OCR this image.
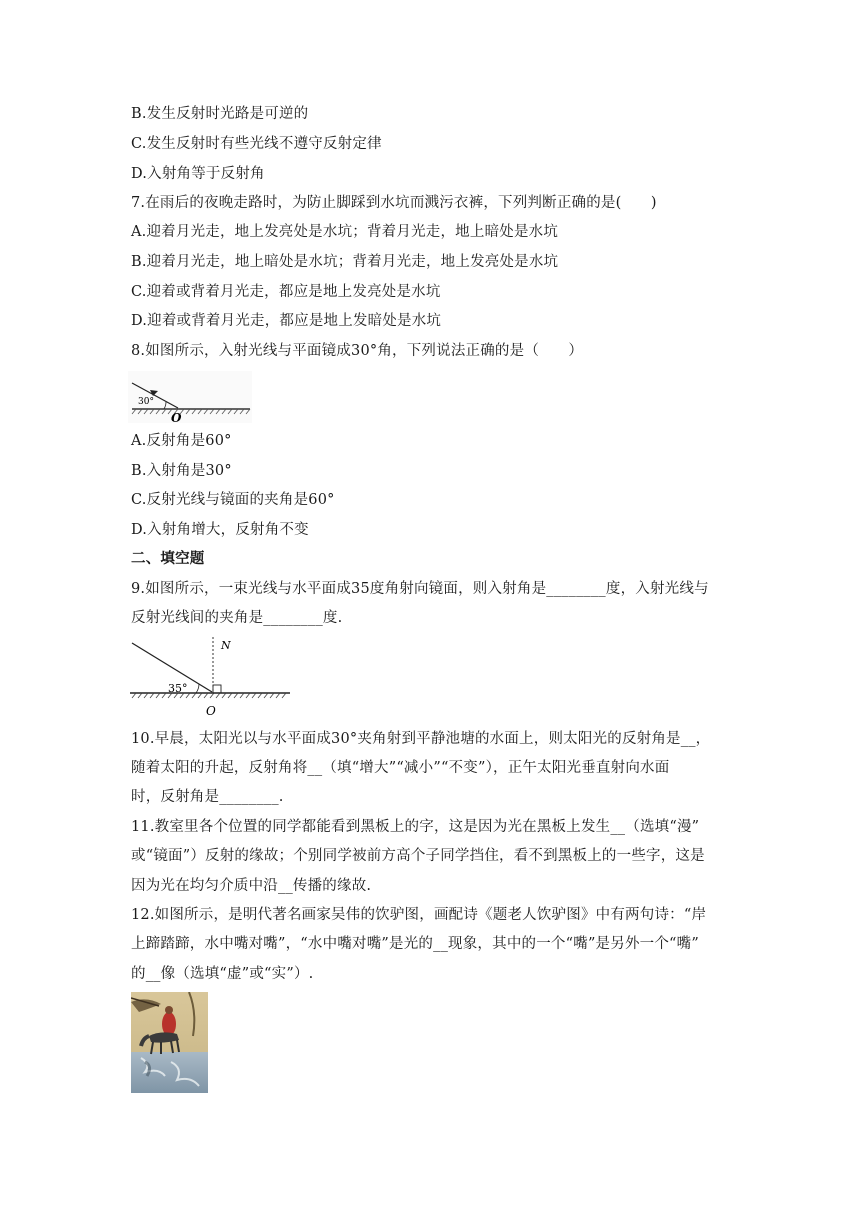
B.发生反射时光路是可逆的
C.发生反射时有些光线不遵守反射定律
D.入射角等于反射角
7.在雨后的夜晚走路时，为防止脚踩到水坑而溅污衣裤，下列判断正确的是(　　)
A.迎着月光走，地上发亮处是水坑；背着月光走，地上暗处是水坑
B.迎着月光走，地上暗处是水坑；背着月光走，地上发亮处是水坑
C.迎着或背着月光走，都应是地上发亮处是水坑
D.迎着或背着月光走，都应是地上发暗处是水坑
8.如图所示，入射光线与平面镜成30°角，下列说法正确的是（　　）
30°
O
A.反射角是60°
B.入射角是30°
C.反射光线与镜面的夹角是60°
D.入射角增大，反射角不变
二、填空题
9.如图所示，一束光线与水平面成35度角射向镜面，则入射角是________度，入射光线与
反射光线间的夹角是________度.
35°
N
O
10.早晨，太阳光以与水平面成30°夹角射到平静池塘的水面上，则太阳光的反射角是__，
随着太阳的升起，反射角将__（填“增大”“减小”“不变”），正午太阳光垂直射向水面
时，反射角是________.
11.教室里各个位置的同学都能看到黑板上的字，这是因为光在黑板上发生__（选填“漫”
或“镜面”）反射的缘故；个别同学被前方高个子同学挡住，看不到黑板上的一些字，这是
因为光在均匀介质中沿__传播的缘故.
12.如图所示，是明代著名画家吴伟的饮驴图，画配诗《题老人饮驴图》中有两句诗：“岸
上蹄踏蹄，水中嘴对嘴”，“水中嘴对嘴”是光的__现象，其中的一个“嘴”是另外一个“嘴”
的__像（选填“虚”或“实”）.
